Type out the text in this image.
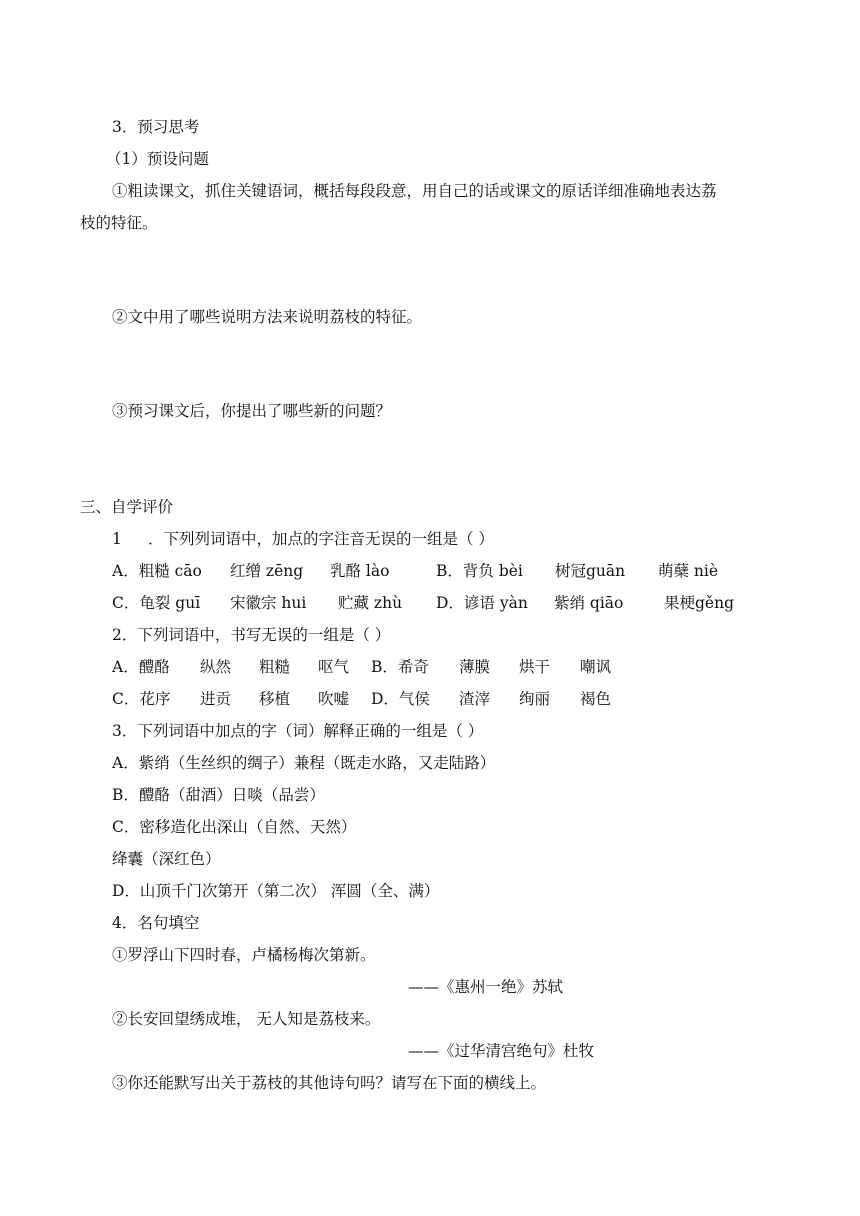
3．预习思考
（1）预设问题
①粗读课文，抓住关键语词，概括每段段意，用自己的话或课文的原话详细准确地表达荔
枝的特征。
②文中用了哪些说明方法来说明荔枝的特征。
③预习课文后，你提出了哪些新的问题？
三、自学评价
1 ．下列列词语中，加点的字注音无误的一组是（ ）
A．粗糙 cāo 红缯 zēng 乳酪 lào	B．背负 bèi 树冠guān 萌蘖 niè
C．龟裂 guī 宋徽宗 hui 贮藏 zhù D．谚语 yàn 紫绡 qiāo	果梗gěng
2．下列词语中，书写无误的一组是（ ）
A．醴酪 纵然 粗糙 呕气 B．希奇 薄膜 烘干 嘲讽
C．花序 进贡 移植 吹嘘 D．气侯 渣滓 绚丽 褐色
3．下列词语中加点的字（词）解释正确的一组是（ ）
A．紫绡（生丝织的绸子）兼程（既走水路，又走陆路）
B．醴酪（甜酒）日啖（品尝）
C．密移造化出深山（自然、天然）
绛囊（深红色）
D．山顶千门次第开（第二次） 浑圆（全、满）
4．名句填空
①罗浮山下四时春，卢橘杨梅次第新。
——《惠州一绝》苏轼
②长安回望绣成堆， 无人知是荔枝来。
——《过华清宫绝句》杜牧
③你还能默写出关于荔枝的其他诗句吗？请写在下面的横线上。
